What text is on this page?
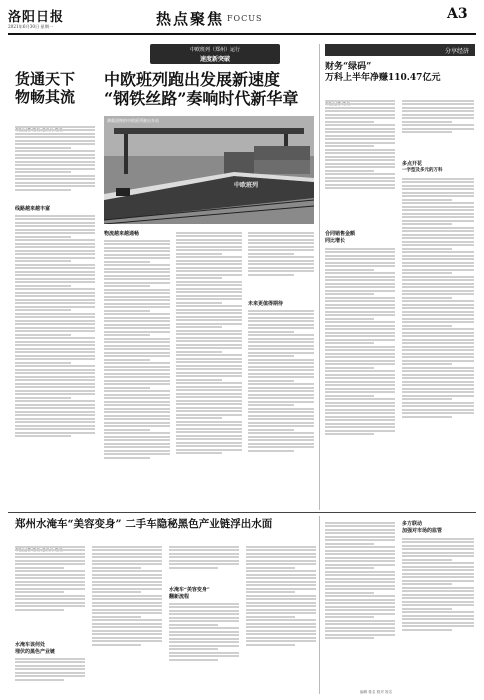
洛阳日报
2021年6月30日 星期一	热点聚焦 FOCUS	A3
中欧班列（郑州）运行
速度新突破
货通天下
物畅其流
中欧班列跑出发展新速度
“钢铁丝路”奏响时代新华章
线路越来越丰富
中欧班列
满载货物的中欧班列驶出车站
物流越来越通畅
未来更值得期待
分享经济
财务“绿码”
万科上半年净赚110.47亿元
合同销售金额
同比增长
多点开花
一字型及多元的万科
郑州水淹车“美容变身” 二手车隐秘黑色产业链浮出水面
水淹车该何处
埋伏的黑色产业链
水淹车“美容变身”
翻新流程
多方联动
加强对市场的监管
编辑 姓名 校对 姓名
